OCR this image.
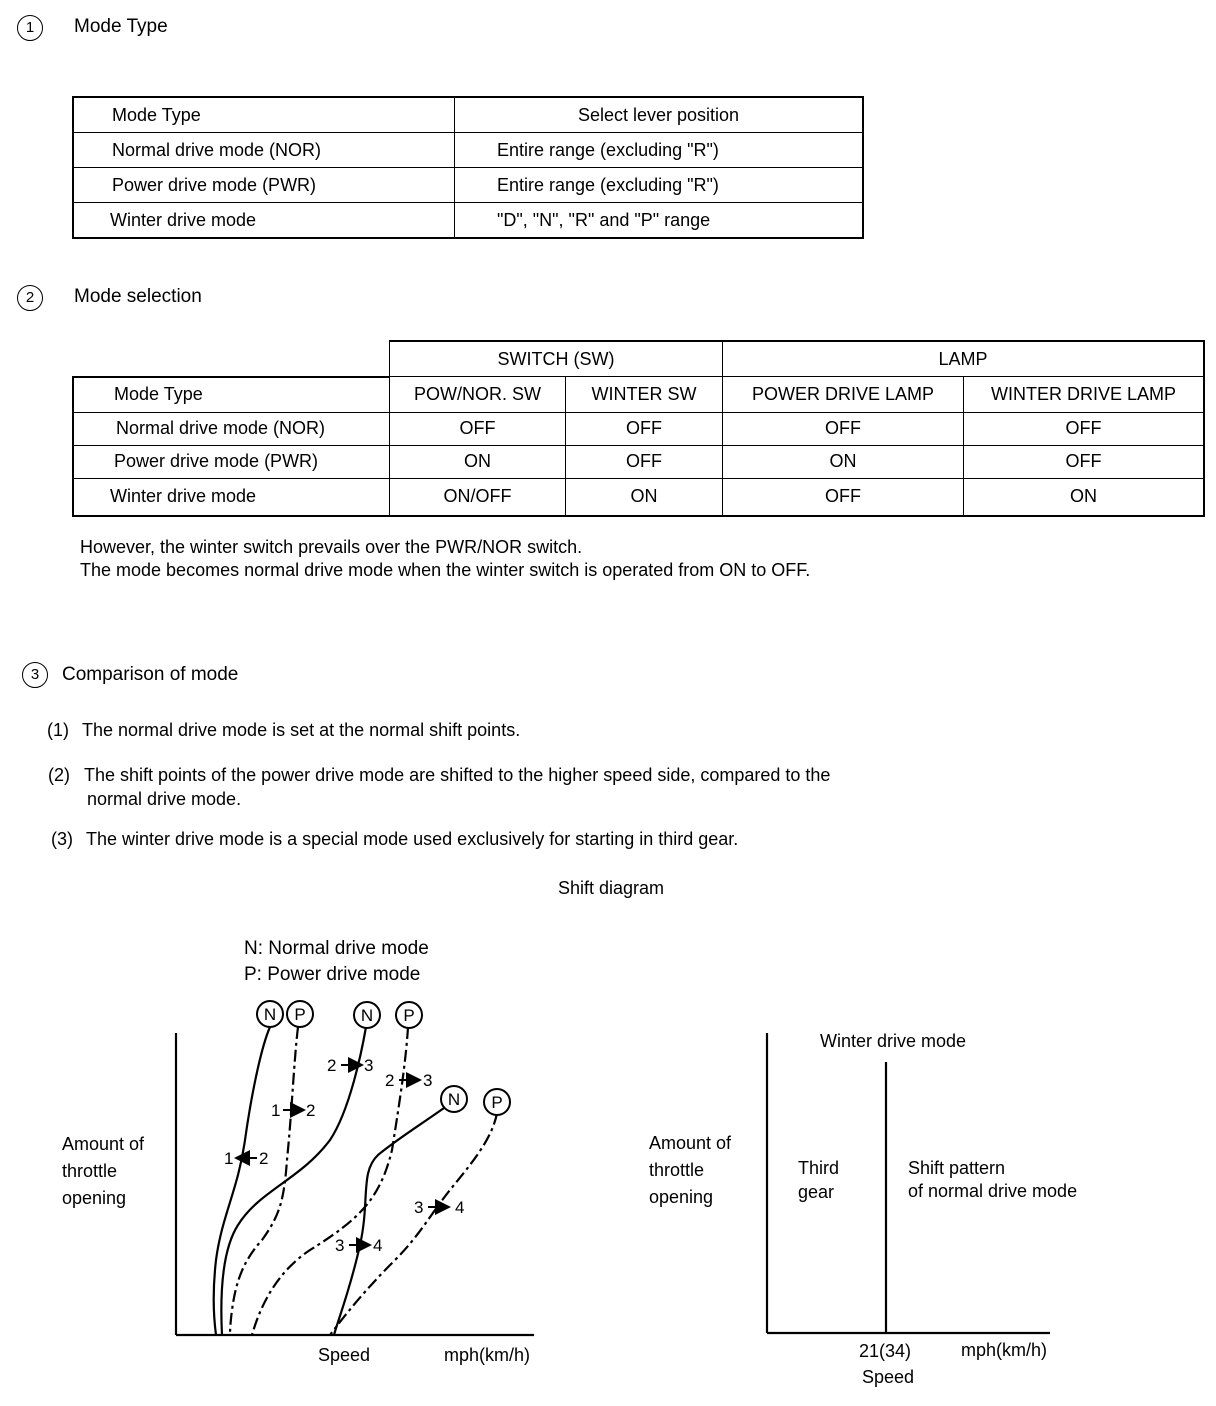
1	Mode Type
Mode Type	Select lever position
Normal drive mode (NOR)	Entire range (excluding "R")
Power drive mode (PWR)	Entire range (excluding "R")
Winter drive mode	"D", "N", "R" and "P" range
2	Mode selection
	SWITCH (SW)		LAMP	
Mode Type	POW/NOR. SW	WINTER SW	POWER DRIVE LAMP	WINTER DRIVE LAMP
Normal drive mode (NOR)	OFF	OFF	OFF	OFF
Power drive mode (PWR)	ON	OFF	ON	OFF
Winter drive mode	ON/OFF	ON	OFF	ON
However, the winter switch prevails over the PWR/NOR switch.
The mode becomes normal drive mode when the winter switch is operated from ON to OFF.
3	Comparison of mode
(1) The normal drive mode is set at the normal shift points.
(2) The shift points of the power drive mode are shifted to the higher speed side, compared to the
normal drive mode.
(3) The winter drive mode is a special mode used exclusively for starting in third gear.
Shift diagram
N: Normal drive mode
P: Power drive mode
Amount of
throttle
opening
Speed	mph(km/h)
N P	N P
N P
1 2
1 2
2 3
2 3
3 4
3 4
Winter drive mode
Amount of
throttle
opening
Third
gear
Shift pattern
of normal drive mode
21(34)
Speed
mph(km/h)
